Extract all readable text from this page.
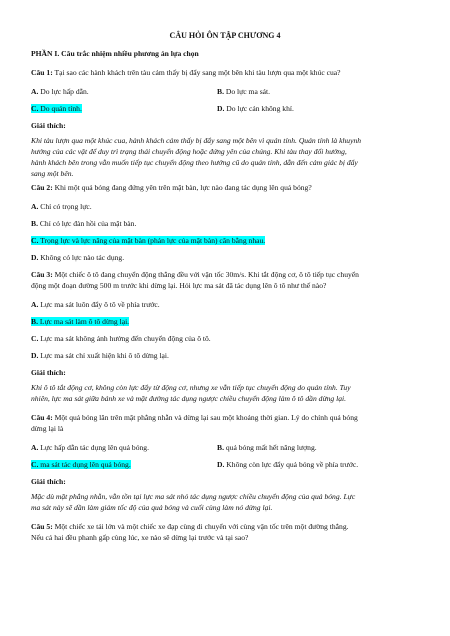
CÂU HỎI ÔN TẬP CHƯƠNG 4
PHẦN I. Câu trắc nhiệm nhiều phương án lựa chọn
Câu 1: Tại sao các hành khách trên tàu cảm thấy bị đẩy sang một bên khi tàu lượn qua một khúc cua?
A. Do lực hấp dẫn.	B. Do lực ma sát.
C. Do quán tính.	D. Do lực cản không khí.
Giải thích:

Khi tàu lượn qua một khúc cua, hành khách cảm thấy bị đẩy sang một bên vì quán tính. Quán tính là khuynh

hướng của các vật để duy trì trạng thái chuyển động hoặc đứng yên của chúng. Khi tàu thay đổi hướng,

hành khách bên trong vẫn muốn tiếp tục chuyển động theo hướng cũ do quán tính, dẫn đến cảm giác bị đẩy

sang một bên.

Câu 2: Khi một quả bóng đang đứng yên trên mặt bàn, lực nào đang tác dụng lên quả bóng?
A. Chỉ có trọng lực.
B. Chỉ có lực đàn hồi của mặt bàn.
C. Trọng lực và lực nâng của mặt bàn (phản lực của mặt bàn) cân bằng nhau.
D. Không có lực nào tác dụng.
Câu 3: Một chiếc ô tô đang chuyển động thẳng đều với vận tốc 30m/s. Khi tắt động cơ, ô tô tiếp tục chuyển
động một đoạn đường 500 m trước khi dừng lại. Hỏi lực ma sát đã tác dụng lên ô tô như thế nào?
A. Lực ma sát luôn đẩy ô tô về phía trước.
B. Lực ma sát làm ô tô dừng lại.
C. Lực ma sát không ảnh hưởng đến chuyển động của ô tô.
D. Lực ma sát chỉ xuất hiện khi ô tô dừng lại.
Giải thích:

Khi ô tô tắt động cơ, không còn lực đẩy từ động cơ, nhưng xe vẫn tiếp tục chuyển động do quán tính. Tuy

nhiên, lực ma sát giữa bánh xe và mặt đường tác dụng ngược chiều chuyển động làm ô tô dần dừng lại.

Câu 4: Một quả bóng lăn trên mặt phẳng nhẵn và dừng lại sau một khoảng thời gian. Lý do chính quả bóng
dừng lại là
A. Lực hấp dẫn tác dụng lên quả bóng.	B. quả bóng mất hết năng lượng.
C. ma sát tác dụng lên quả bóng.	D. Không còn lực đẩy quả bóng về phía trước.
Giải thích:

Mặc dù mặt phẳng nhẵn, vẫn tồn tại lực ma sát nhỏ tác dụng ngược chiều chuyển động của quả bóng. Lực

ma sát này sẽ dần làm giảm tốc độ của quả bóng và cuối cùng làm nó dừng lại.

Câu 5: Một chiếc xe tải lớn và một chiếc xe đạp cùng di chuyển với cùng vận tốc trên một đường thẳng.
Nếu cả hai đều phanh gấp cùng lúc, xe nào sẽ dừng lại trước và tại sao?
